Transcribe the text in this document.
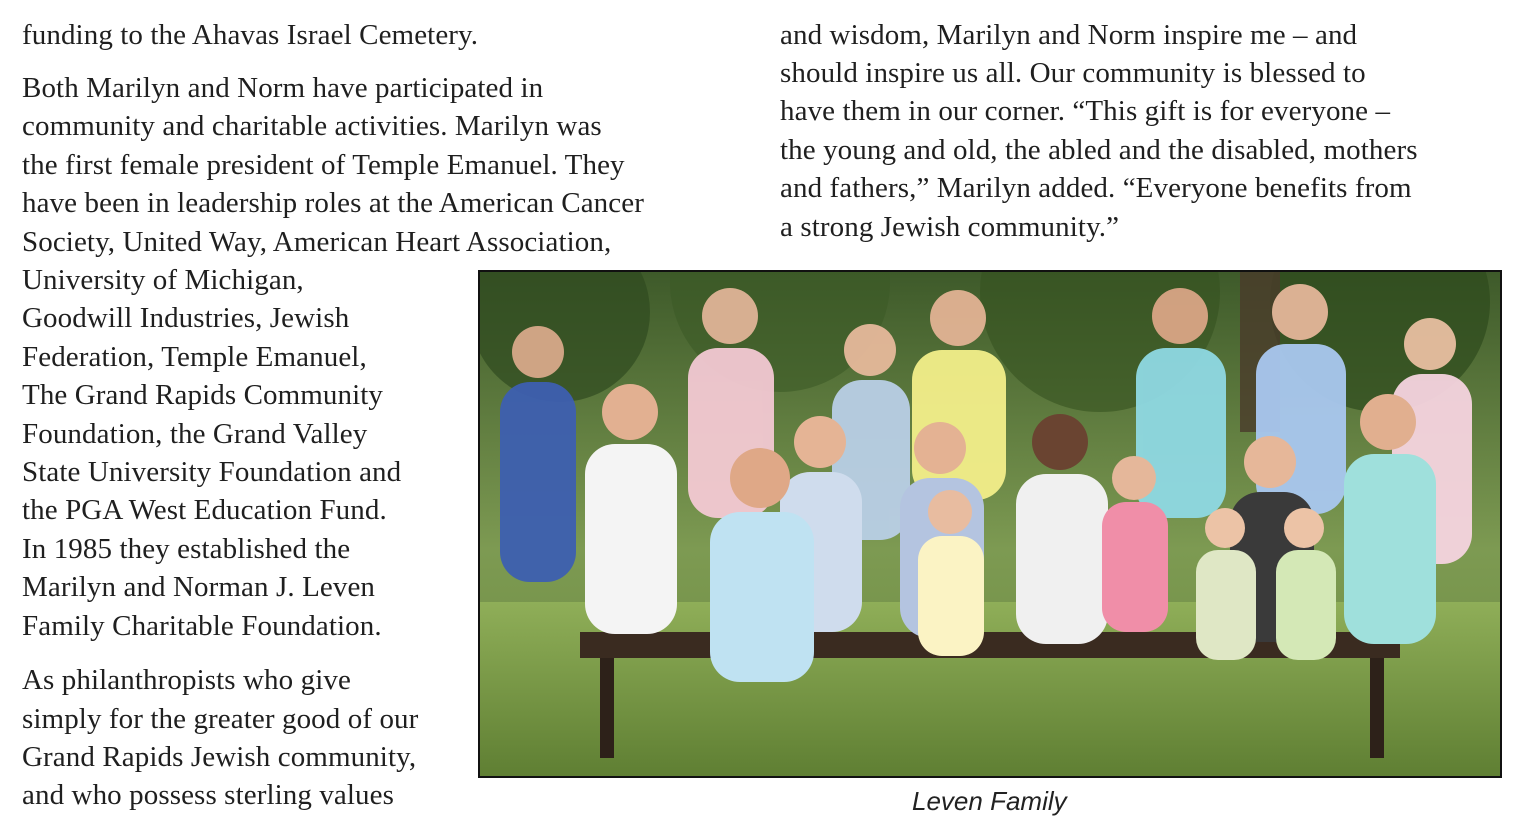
funding to the Ahavas Israel Cemetery.
Both Marilyn and Norm have participated in
community and charitable activities. Marilyn was
the first female president of Temple Emanuel. They
have been in leadership roles at the American Cancer
Society, United Way, American Heart Association,
University of Michigan,
Goodwill Industries, Jewish
Federation, Temple Emanuel,
The Grand Rapids Community
Foundation, the Grand Valley
State University Foundation and
the PGA West Education Fund.
In 1985 they established the
Marilyn and Norman J. Leven
Family Charitable Foundation.
As philanthropists who give
simply for the greater good of our
Grand Rapids Jewish community,
and who possess sterling values
and wisdom, Marilyn and Norm inspire me – and
should inspire us all. Our community is blessed to
have them in our corner. “This gift is for everyone –
the young and old, the abled and the disabled, mothers
and fathers,” Marilyn added. “Everyone benefits from
a strong Jewish community.”
Leven Family
